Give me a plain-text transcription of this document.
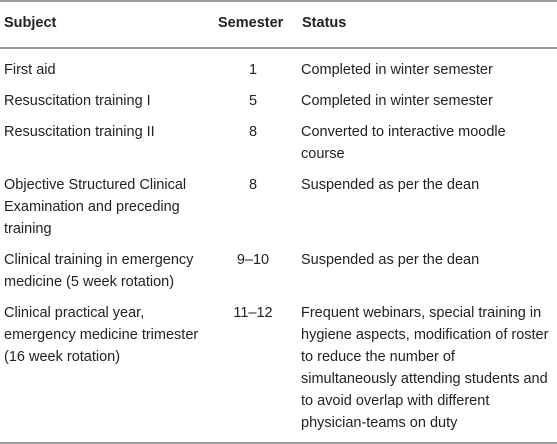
Subject	Semester	Status
First aid	1	Completed in winter semester
Resuscitation training I	5	Completed in winter semester
Resuscitation training II	8	Converted to interactive moodle course
Objective Structured Clinical Examination and preceding training	8	Suspended as per the dean
Clinical training in emergency medicine (5 week rotation)	9–10	Suspended as per the dean
Clinical practical year, emergency medicine trimester (16 week rotation)	11–12	Frequent webinars, special training in hygiene aspects, modification of roster to reduce the number of simultaneously attending students and to avoid overlap with different physician-teams on duty
